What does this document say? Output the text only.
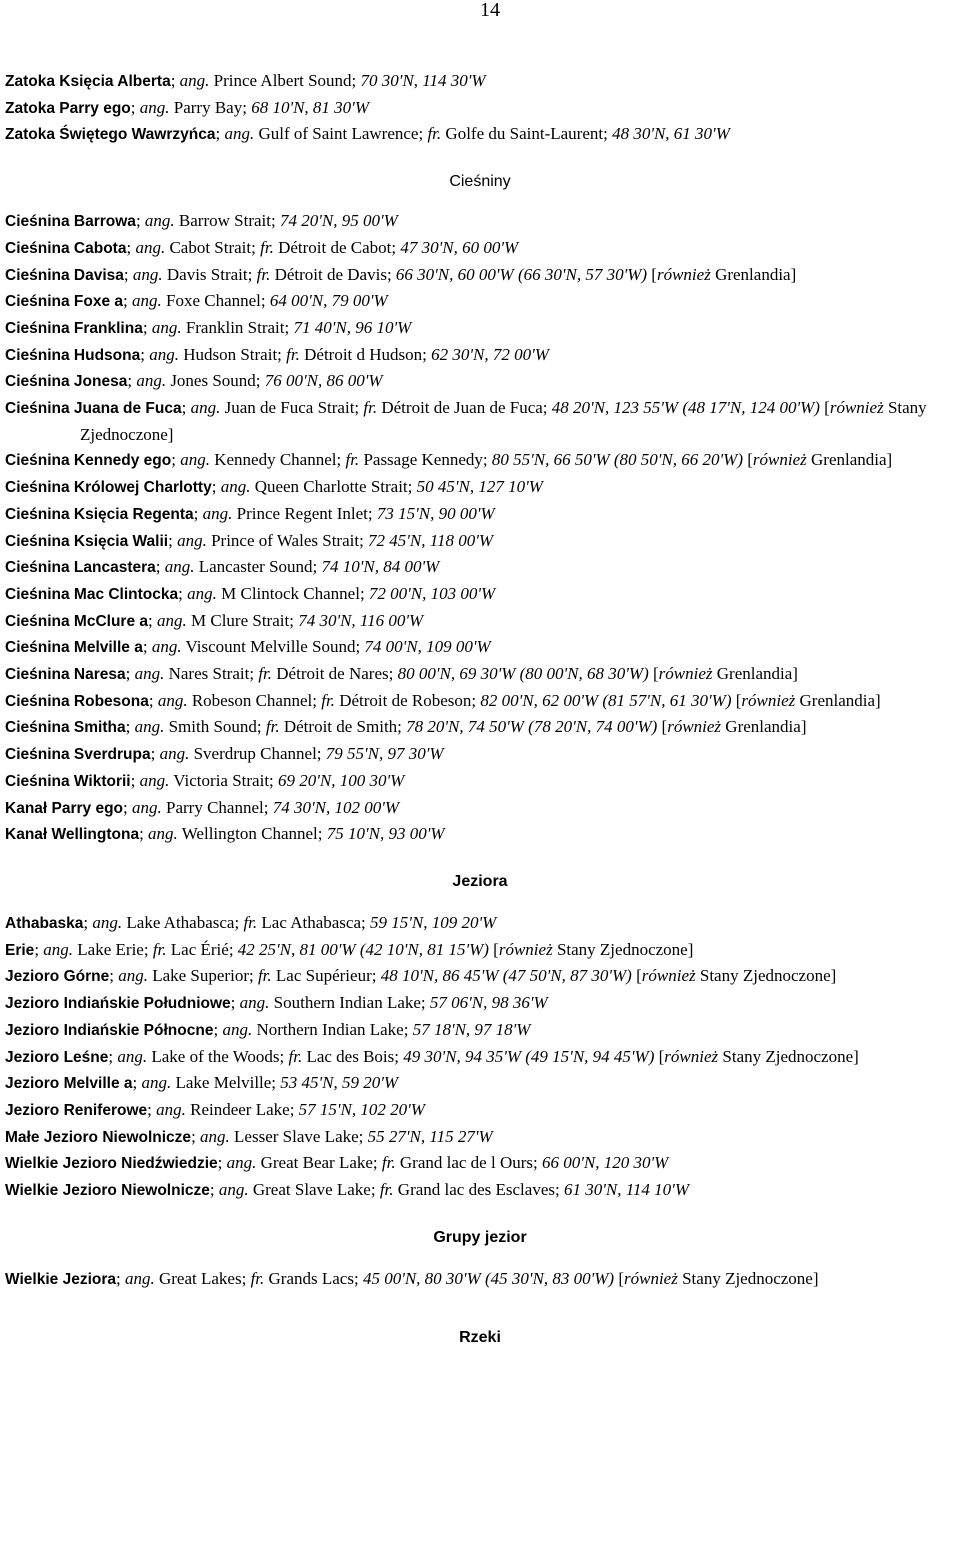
14
Zatoka Księcia Alberta; ang. Prince Albert Sound; 70 30'N, 114 30'W
Zatoka Parry ego; ang. Parry Bay; 68 10'N, 81 30'W
Zatoka Świętego Wawrzyńca; ang. Gulf of Saint Lawrence; fr. Golfe du Saint-Laurent; 48 30'N, 61 30'W
Cieśniny
Cieśnina Barrowa; ang. Barrow Strait; 74 20'N, 95 00'W
Cieśnina Cabota; ang. Cabot Strait; fr. Détroit de Cabot; 47 30'N, 60 00'W
Cieśnina Davisa; ang. Davis Strait; fr. Détroit de Davis; 66 30'N, 60 00'W (66 30'N, 57 30'W) [również Grenlandia]
Cieśnina Foxe a; ang. Foxe Channel; 64 00'N, 79 00'W
Cieśnina Franklina; ang. Franklin Strait; 71 40'N, 96 10'W
Cieśnina Hudsona; ang. Hudson Strait; fr. Détroit d Hudson; 62 30'N, 72 00'W
Cieśnina Jonesa; ang. Jones Sound; 76 00'N, 86 00'W
Cieśnina Juana de Fuca; ang. Juan de Fuca Strait; fr. Détroit de Juan de Fuca; 48 20'N, 123 55'W (48 17'N, 124 00'W) [również Stany Zjednoczone]
Cieśnina Kennedy ego; ang. Kennedy Channel; fr. Passage Kennedy; 80 55'N, 66 50'W (80 50'N, 66 20'W) [również Grenlandia]
Cieśnina Królowej Charlotty; ang. Queen Charlotte Strait; 50 45'N, 127 10'W
Cieśnina Księcia Regenta; ang. Prince Regent Inlet; 73 15'N, 90 00'W
Cieśnina Księcia Walii; ang. Prince of Wales Strait; 72 45'N, 118 00'W
Cieśnina Lancastera; ang. Lancaster Sound; 74 10'N, 84 00'W
Cieśnina Mac Clintocka; ang. M Clintock Channel; 72 00'N, 103 00'W
Cieśnina McClure a; ang. M Clure Strait; 74 30'N, 116 00'W
Cieśnina Melville a; ang. Viscount Melville Sound; 74 00'N, 109 00'W
Cieśnina Naresa; ang. Nares Strait; fr. Détroit de Nares; 80 00'N, 69 30'W (80 00'N, 68 30'W) [również Grenlandia]
Cieśnina Robesona; ang. Robeson Channel; fr. Détroit de Robeson; 82 00'N, 62 00'W (81 57'N, 61 30'W) [również Grenlandia]
Cieśnina Smitha; ang. Smith Sound; fr. Détroit de Smith; 78 20'N, 74 50'W (78 20'N, 74 00'W) [również Grenlandia]
Cieśnina Sverdrupa; ang. Sverdrup Channel; 79 55'N, 97 30'W
Cieśnina Wiktorii; ang. Victoria Strait; 69 20'N, 100 30'W
Kanał Parry ego; ang. Parry Channel; 74 30'N, 102 00'W
Kanał Wellingtona; ang. Wellington Channel; 75 10'N, 93 00'W
Jeziora
Athabaska; ang. Lake Athabasca; fr. Lac Athabasca; 59 15'N, 109 20'W
Erie; ang. Lake Erie; fr. Lac Érié; 42 25'N, 81 00'W (42 10'N, 81 15'W) [również Stany Zjednoczone]
Jezioro Górne; ang. Lake Superior; fr. Lac Supérieur; 48 10'N, 86 45'W (47 50'N, 87 30'W) [również Stany Zjednoczone]
Jezioro Indiańskie Południowe; ang. Southern Indian Lake; 57 06'N, 98 36'W
Jezioro Indiańskie Północne; ang. Northern Indian Lake; 57 18'N, 97 18'W
Jezioro Leśne; ang. Lake of the Woods; fr. Lac des Bois; 49 30'N, 94 35'W (49 15'N, 94 45'W) [również Stany Zjednoczone]
Jezioro Melville a; ang. Lake Melville; 53 45'N, 59 20'W
Jezioro Reniferowe; ang. Reindeer Lake; 57 15'N, 102 20'W
Małe Jezioro Niewolnicze; ang. Lesser Slave Lake; 55 27'N, 115 27'W
Wielkie Jezioro Niedźwiedzie; ang. Great Bear Lake; fr. Grand lac de l Ours; 66 00'N, 120 30'W
Wielkie Jezioro Niewolnicze; ang. Great Slave Lake; fr. Grand lac des Esclaves; 61 30'N, 114 10'W
Grupy jezior
Wielkie Jeziora; ang. Great Lakes; fr. Grands Lacs; 45 00'N, 80 30'W (45 30'N, 83 00'W) [również Stany Zjednoczone]
Rzeki
